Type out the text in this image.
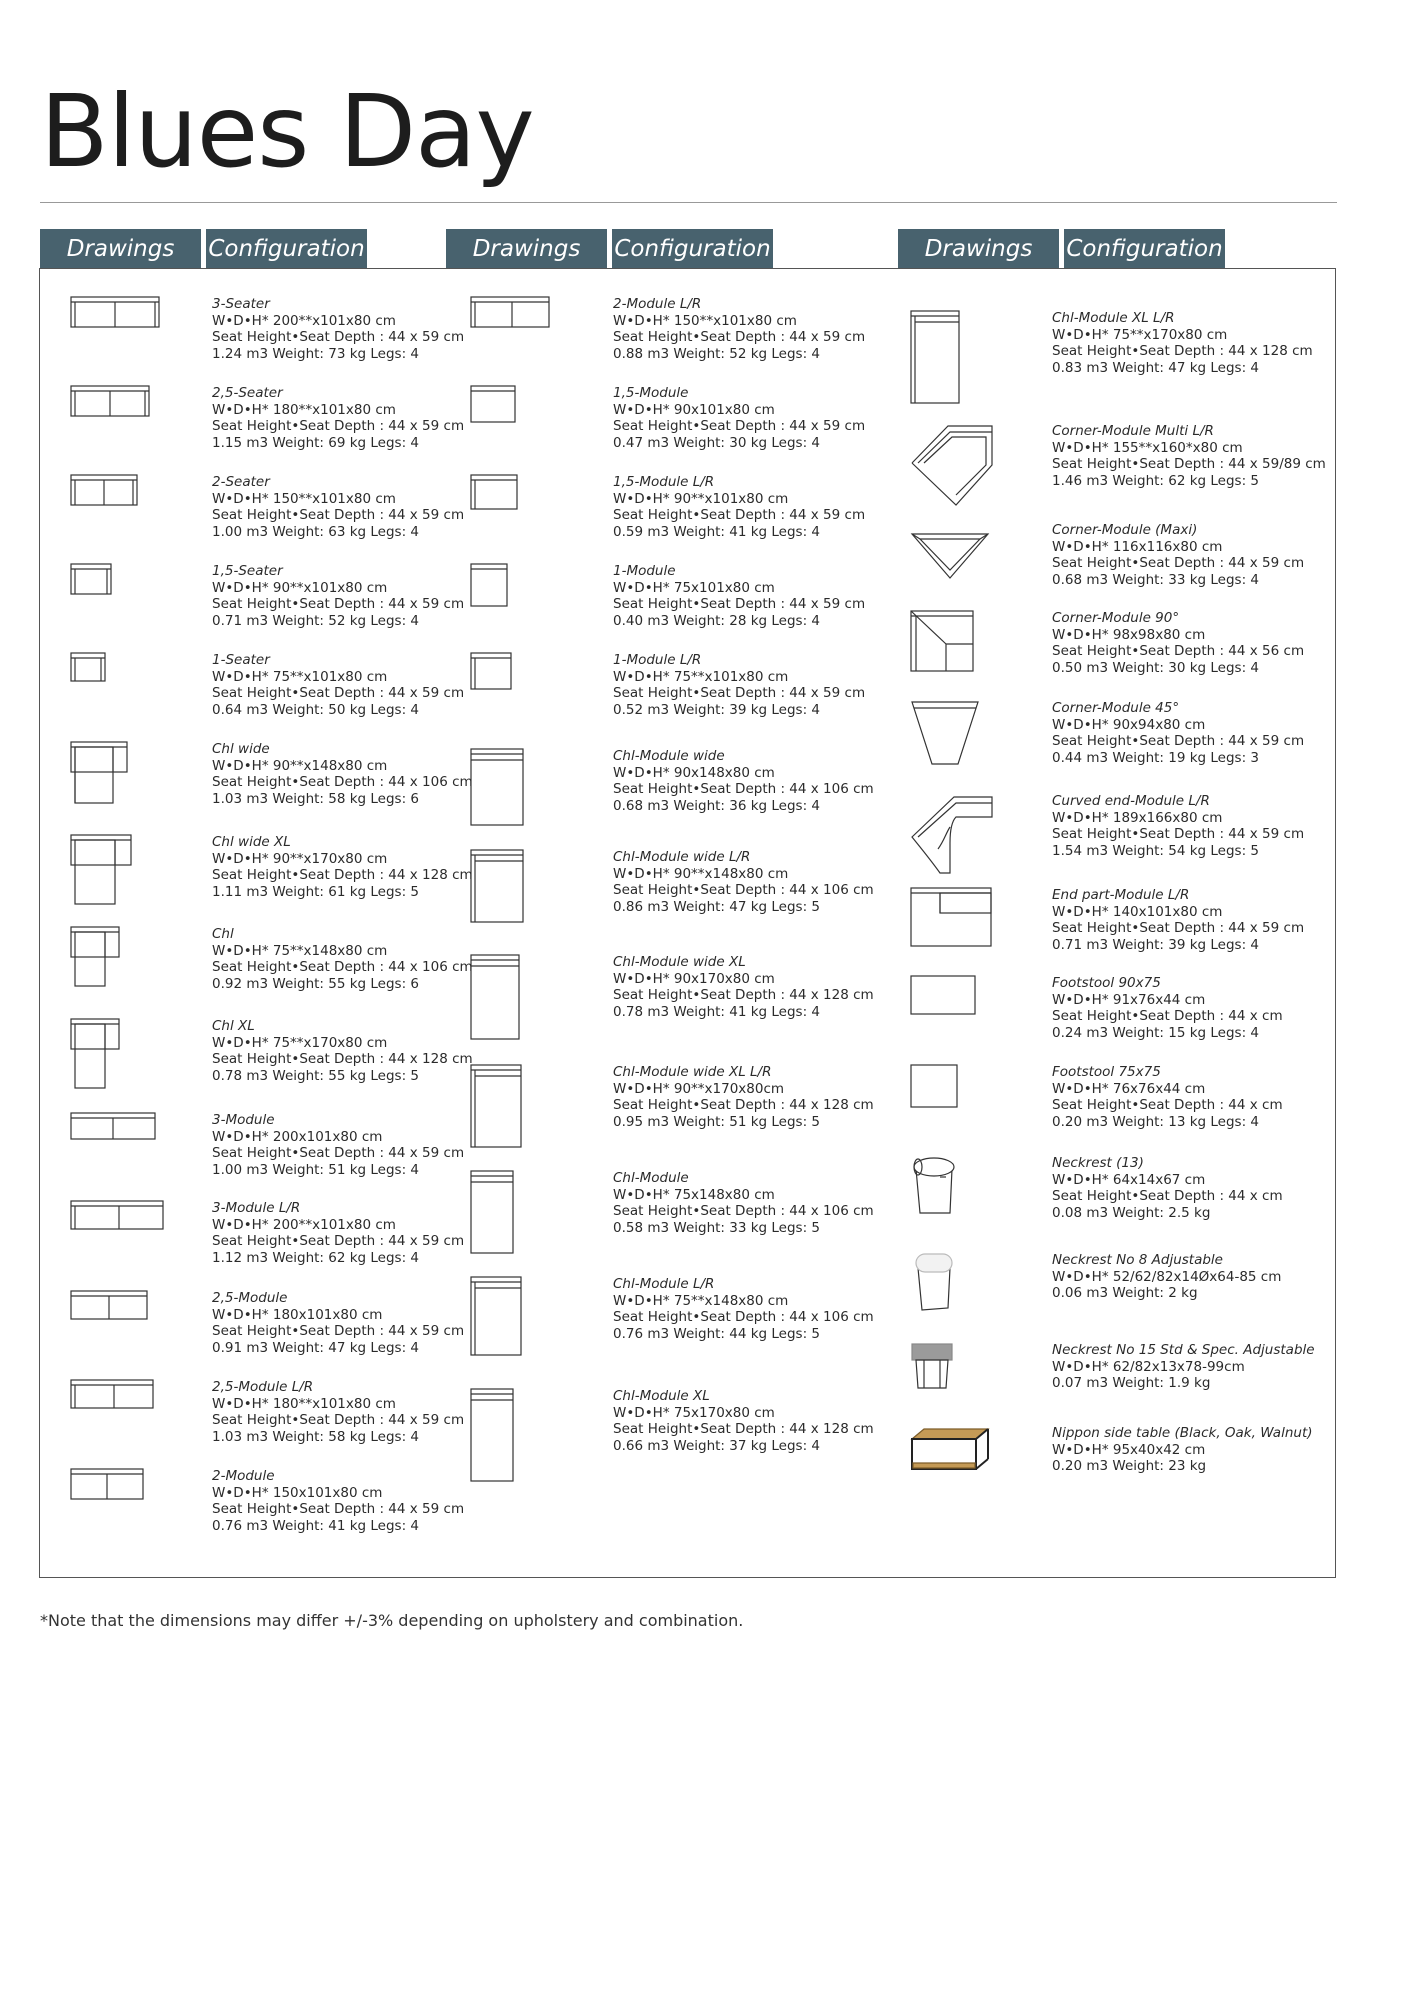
Blues Day
Drawings	Configuration	Drawings	Configuration	Drawings	Configuration
3-Seater
W•D•H* 200**x101x80 cm
Seat Height•Seat Depth : 44 x 59 cm
1.24 m3 Weight: 73 kg Legs: 4
2,5-Seater
W•D•H* 180**x101x80 cm
Seat Height•Seat Depth : 44 x 59 cm
1.15 m3 Weight: 69 kg Legs: 4
2-Seater
W•D•H* 150**x101x80 cm
Seat Height•Seat Depth : 44 x 59 cm
1.00 m3 Weight: 63 kg Legs: 4
1,5-Seater
W•D•H* 90**x101x80 cm
Seat Height•Seat Depth : 44 x 59 cm
0.71 m3 Weight: 52 kg Legs: 4
1-Seater
W•D•H* 75**x101x80 cm
Seat Height•Seat Depth : 44 x 59 cm
0.64 m3 Weight: 50 kg Legs: 4
Chl wide
W•D•H* 90**x148x80 cm
Seat Height•Seat Depth : 44 x 106 cm
1.03 m3 Weight: 58 kg Legs: 6
Chl wide XL
W•D•H* 90**x170x80 cm
Seat Height•Seat Depth : 44 x 128 cm
1.11 m3 Weight: 61 kg Legs: 5
Chl
W•D•H* 75**x148x80 cm
Seat Height•Seat Depth : 44 x 106 cm
0.92 m3 Weight: 55 kg Legs: 6
Chl XL
W•D•H* 75**x170x80 cm
Seat Height•Seat Depth : 44 x 128 cm
0.78 m3 Weight: 55 kg Legs: 5
3-Module
W•D•H* 200x101x80 cm
Seat Height•Seat Depth : 44 x 59 cm
1.00 m3 Weight: 51 kg Legs: 4
3-Module L/R
W•D•H* 200**x101x80 cm
Seat Height•Seat Depth : 44 x 59 cm
1.12 m3 Weight: 62 kg Legs: 4
2,5-Module
W•D•H* 180x101x80 cm
Seat Height•Seat Depth : 44 x 59 cm
0.91 m3 Weight: 47 kg Legs: 4
2,5-Module L/R
W•D•H* 180**x101x80 cm
Seat Height•Seat Depth : 44 x 59 cm
1.03 m3 Weight: 58 kg Legs: 4
2-Module
W•D•H* 150x101x80 cm
Seat Height•Seat Depth : 44 x 59 cm
0.76 m3 Weight: 41 kg Legs: 4
2-Module L/R
W•D•H* 150**x101x80 cm
Seat Height•Seat Depth : 44 x 59 cm
0.88 m3 Weight: 52 kg Legs: 4
1,5-Module
W•D•H* 90x101x80 cm
Seat Height•Seat Depth : 44 x 59 cm
0.47 m3 Weight: 30 kg Legs: 4
1,5-Module L/R
W•D•H* 90**x101x80 cm
Seat Height•Seat Depth : 44 x 59 cm
0.59 m3 Weight: 41 kg Legs: 4
1-Module
W•D•H* 75x101x80 cm
Seat Height•Seat Depth : 44 x 59 cm
0.40 m3 Weight: 28 kg Legs: 4
1-Module L/R
W•D•H* 75**x101x80 cm
Seat Height•Seat Depth : 44 x 59 cm
0.52 m3 Weight: 39 kg Legs: 4
Chl-Module wide
W•D•H* 90x148x80 cm
Seat Height•Seat Depth : 44 x 106 cm
0.68 m3 Weight: 36 kg Legs: 4
Chl-Module wide L/R
W•D•H* 90**x148x80 cm
Seat Height•Seat Depth : 44 x 106 cm
0.86 m3 Weight: 47 kg Legs: 5
Chl-Module wide XL
W•D•H* 90x170x80 cm
Seat Height•Seat Depth : 44 x 128 cm
0.78 m3 Weight: 41 kg Legs: 4
Chl-Module wide XL L/R
W•D•H* 90**x170x80cm
Seat Height•Seat Depth : 44 x 128 cm
0.95 m3 Weight: 51 kg Legs: 5
Chl-Module
W•D•H* 75x148x80 cm
Seat Height•Seat Depth : 44 x 106 cm
0.58 m3 Weight: 33 kg Legs: 5
Chl-Module L/R
W•D•H* 75**x148x80 cm
Seat Height•Seat Depth : 44 x 106 cm
0.76 m3 Weight: 44 kg Legs: 5
Chl-Module XL
W•D•H* 75x170x80 cm
Seat Height•Seat Depth : 44 x 128 cm
0.66 m3 Weight: 37 kg Legs: 4
Chl-Module XL L/R
W•D•H* 75**x170x80 cm
Seat Height•Seat Depth : 44 x 128 cm
0.83 m3 Weight: 47 kg Legs: 4
Corner-Module Multi L/R
W•D•H* 155**x160*x80 cm
Seat Height•Seat Depth : 44 x 59/89 cm
1.46 m3 Weight: 62 kg Legs: 5
Corner-Module (Maxi)
W•D•H* 116x116x80 cm
Seat Height•Seat Depth : 44 x 59 cm
0.68 m3 Weight: 33 kg Legs: 4
Corner-Module 90°
W•D•H* 98x98x80 cm
Seat Height•Seat Depth : 44 x 56 cm
0.50 m3 Weight: 30 kg Legs: 4
Corner-Module 45°
W•D•H* 90x94x80 cm
Seat Height•Seat Depth : 44 x 59 cm
0.44 m3 Weight: 19 kg Legs: 3
Curved end-Module L/R
W•D•H* 189x166x80 cm
Seat Height•Seat Depth : 44 x 59 cm
1.54 m3 Weight: 54 kg Legs: 5
End part-Module L/R
W•D•H* 140x101x80 cm
Seat Height•Seat Depth : 44 x 59 cm
0.71 m3 Weight: 39 kg Legs: 4
Footstool 90x75
W•D•H* 91x76x44 cm
Seat Height•Seat Depth : 44 x cm
0.24 m3 Weight: 15 kg Legs: 4
Footstool 75x75
W•D•H* 76x76x44 cm
Seat Height•Seat Depth : 44 x cm
0.20 m3 Weight: 13 kg Legs: 4
Neckrest (13)
W•D•H* 64x14x67 cm
Seat Height•Seat Depth : 44 x cm
0.08 m3 Weight: 2.5 kg
Neckrest No 8 Adjustable
W•D•H* 52/62/82x14Øx64-85 cm
0.06 m3 Weight: 2 kg
Neckrest No 15 Std & Spec. Adjustable
W•D•H* 62/82x13x78-99cm
0.07 m3 Weight: 1.9 kg
Nippon side table (Black, Oak, Walnut)
W•D•H* 95x40x42 cm
0.20 m3 Weight: 23 kg
*Note that the dimensions may differ +/-3% depending on upholstery and combination.
